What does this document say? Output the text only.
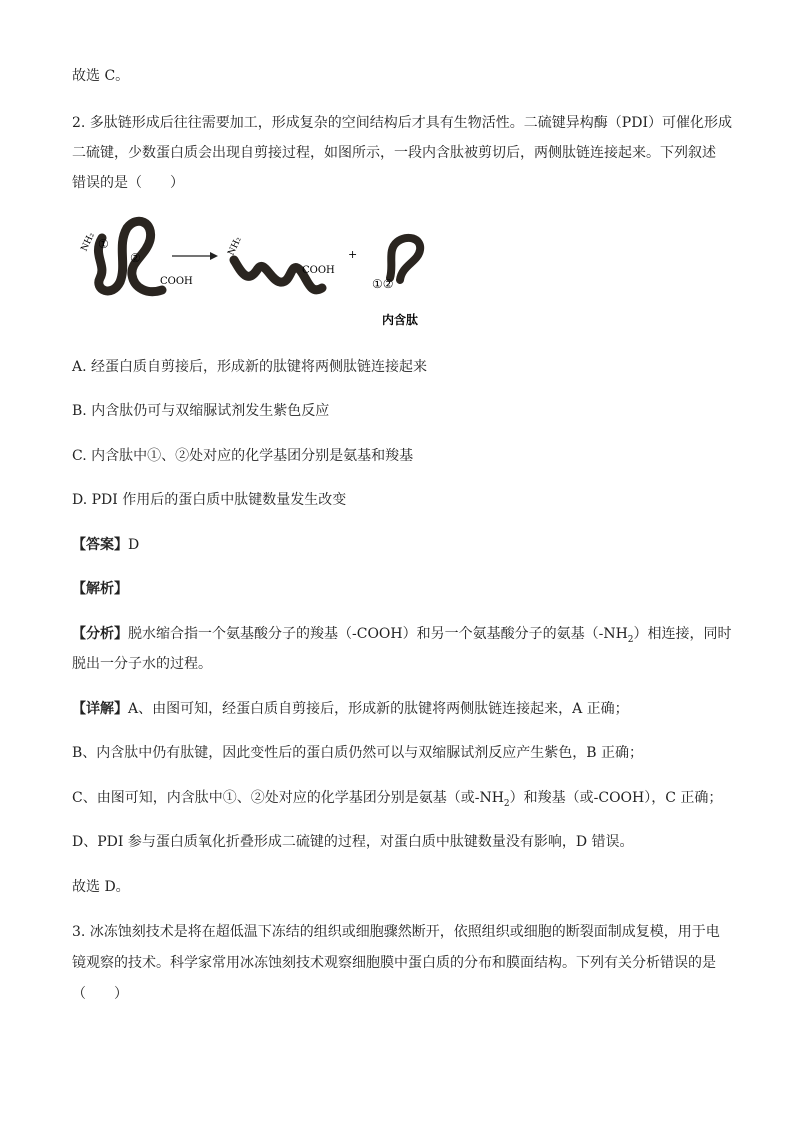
故选 C。
2. 多肽链形成后往往需要加工，形成复杂的空间结构后才具有生物活性。二硫键异构酶（PDI）可催化形成
二硫键，少数蛋白质会出现自剪接过程，如图所示，一段内含肽被剪切后，两侧肽链连接起来。下列叙述
错误的是（　　）
NH₂ ①
②
COOH
NH₂
COOH
+
①②
内含肽
A. 经蛋白质自剪接后，形成新的肽键将两侧肽链连接起来
B. 内含肽仍可与双缩脲试剂发生紫色反应
C. 内含肽中①、②处对应的化学基团分别是氨基和羧基
D. PDI 作用后的蛋白质中肽键数量发生改变
【答案】D
【解析】
【分析】脱水缩合指一个氨基酸分子的羧基（-COOH）和另一个氨基酸分子的氨基$(-NH_2)$相连接，同时
脱出一分子水的过程。
【详解】A、由图可知，经蛋白质自剪接后，形成新的肽键将两侧肽链连接起来，A 正确；
B、内含肽中仍有肽键，因此变性后的蛋白质仍然可以与双缩脲试剂反应产生紫色，B 正确；
C、由图可知，内含肽中①、②处对应的化学基团分别是氨基（或$-NH_2$）和羧基（或-COOH），C 正确；
D、PDI 参与蛋白质氧化折叠形成二硫键的过程，对蛋白质中肽键数量没有影响，D 错误。
故选 D。
3. 冰冻蚀刻技术是将在超低温下冻结的组织或细胞骤然断开，依照组织或细胞的断裂面制成复模，用于电
镜观察的技术。科学家常用冰冻蚀刻技术观察细胞膜中蛋白质的分布和膜面结构。下列有关分析错误的是
（　　）
